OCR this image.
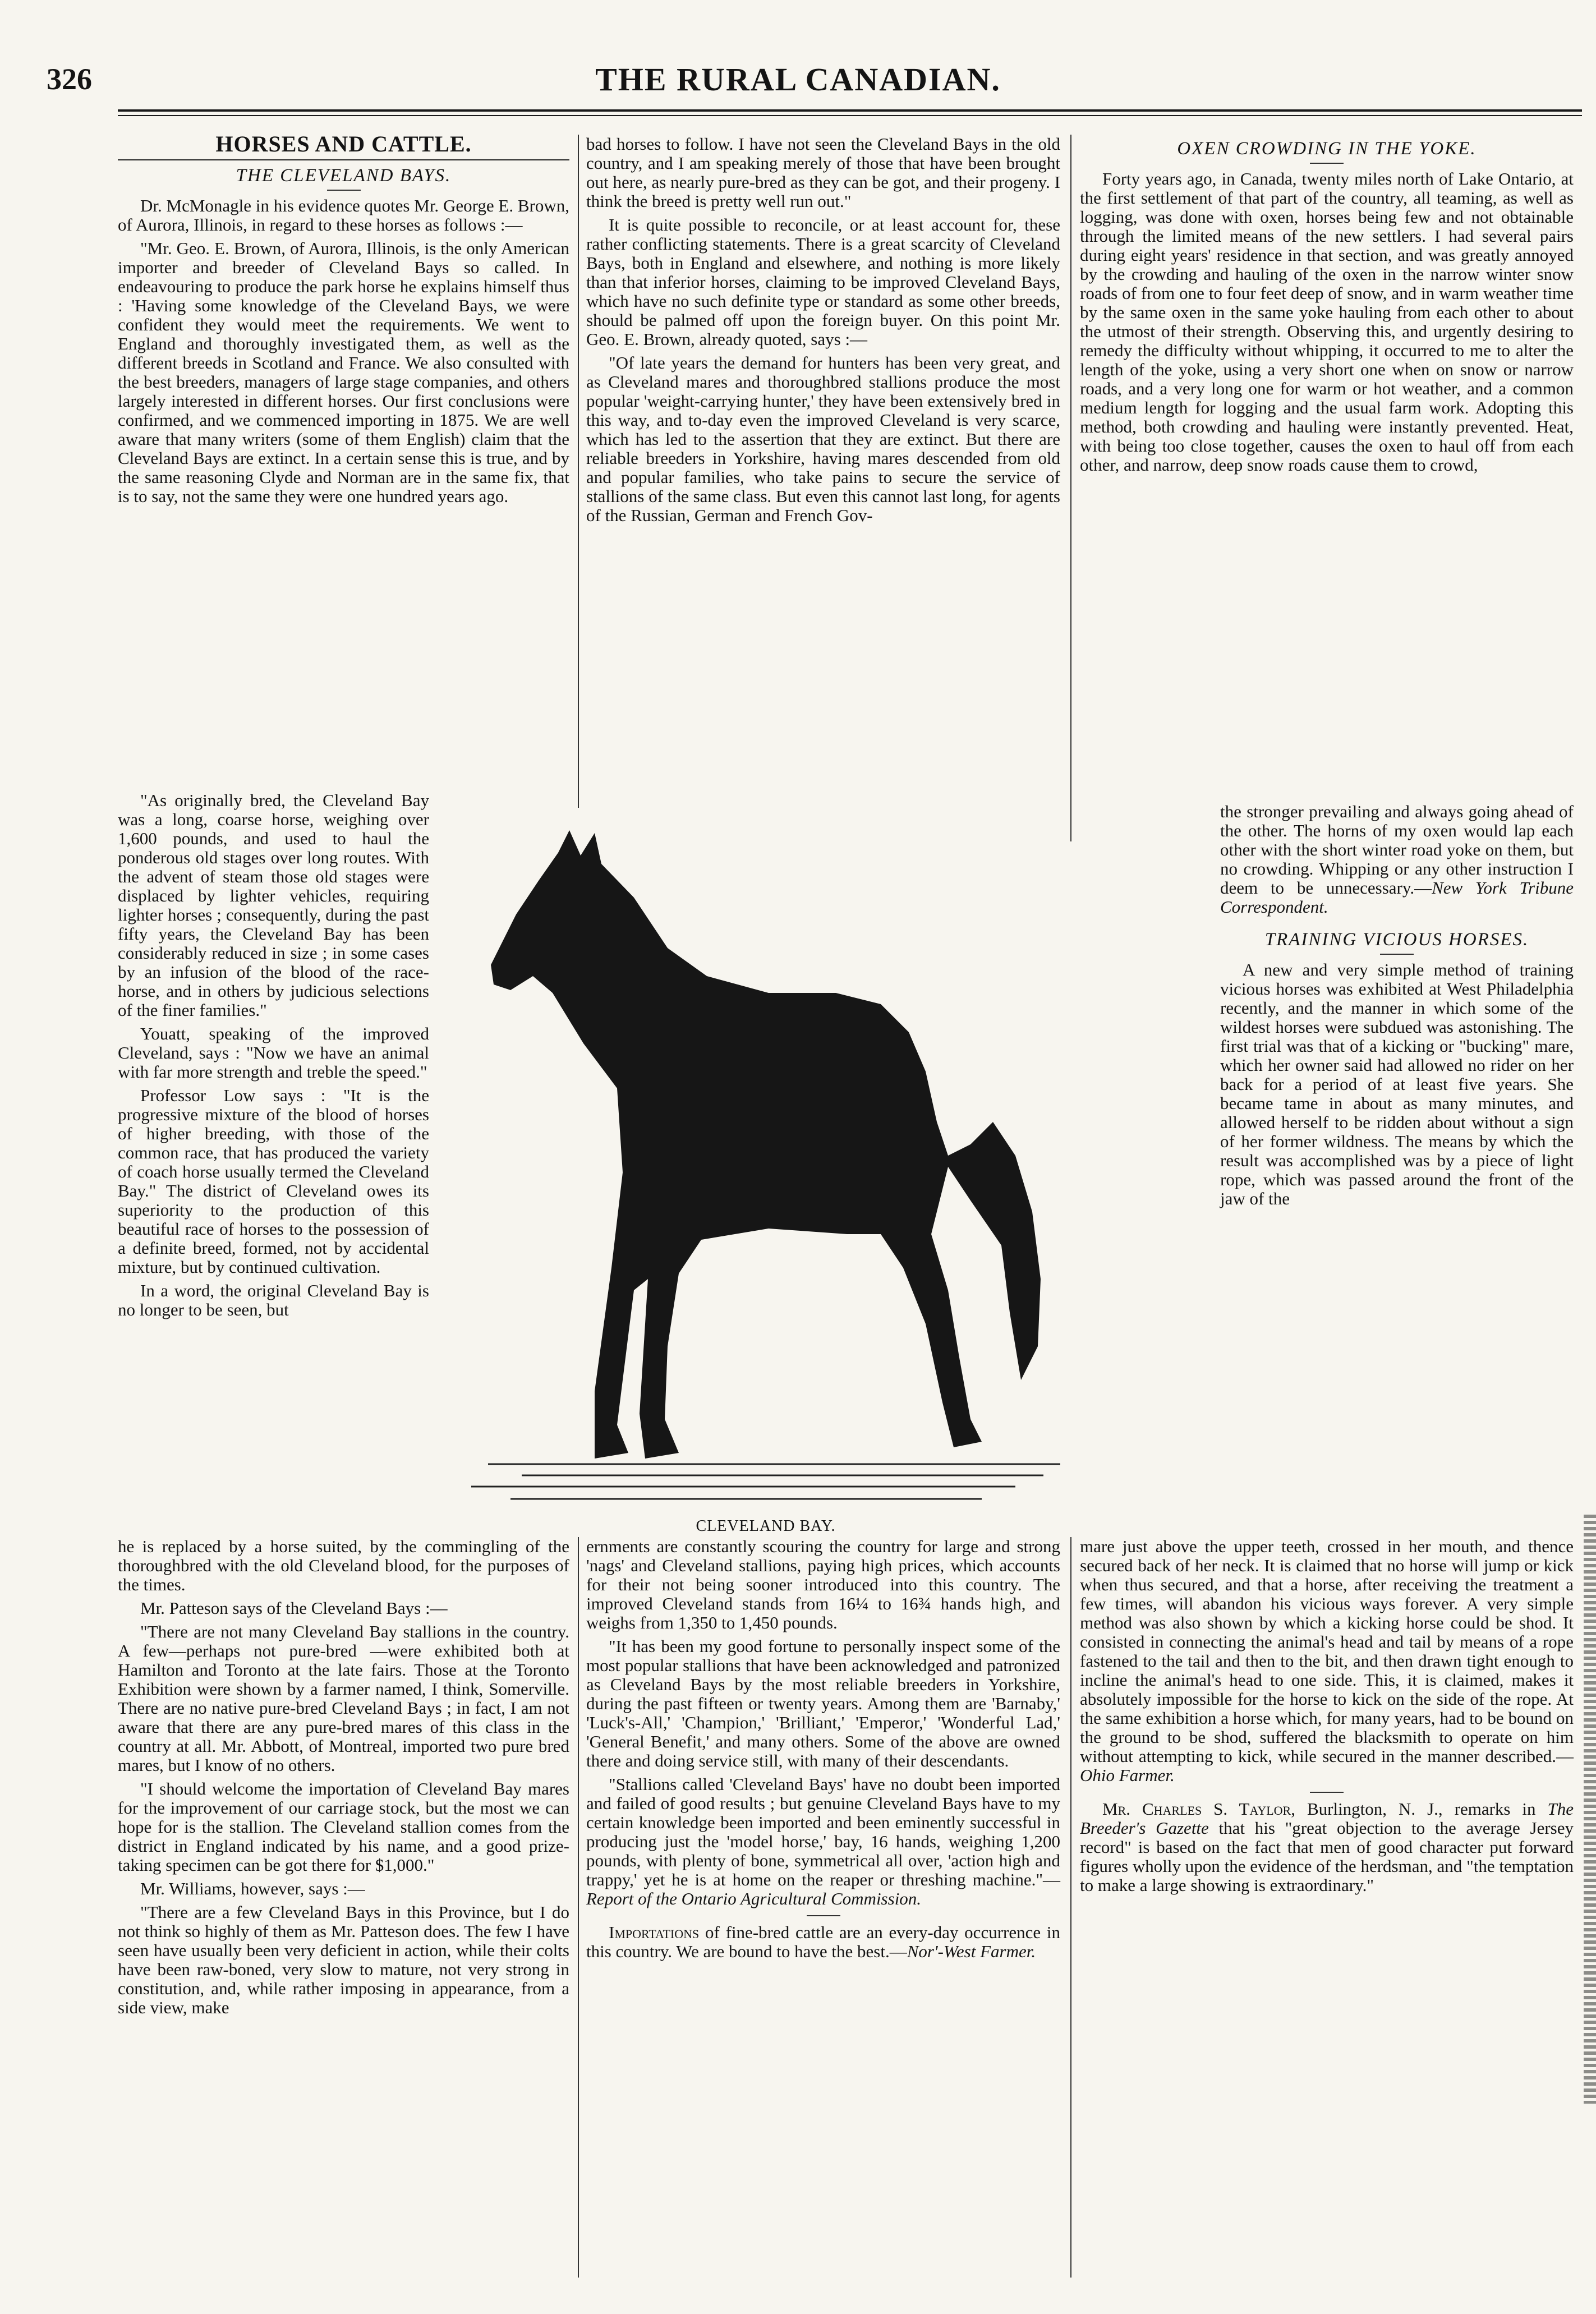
326	THE RURAL CANADIAN.
HORSES AND CATTLE.
THE CLEVELAND BAYS.

Dr. McMonagle in his evidence quotes Mr. George E. Brown, of Aurora, Illinois, in regard to these horses as follows :—

"Mr. Geo. E. Brown, of Aurora, Illinois, is the only American importer and breeder of Cleveland Bays so called. In endeavouring to produce the park horse he explains himself thus : 'Having some knowledge of the Cleveland Bays, we were confident they would meet the requirements. We went to England and thoroughly investigated them, as well as the different breeds in Scotland and France. We also consulted with the best breeders, managers of large stage companies, and others largely interested in different horses. Our first conclusions were confirmed, and we commenced importing in 1875. We are well aware that many writers (some of them English) claim that the Cleveland Bays are extinct. In a certain sense this is true, and by the same reasoning Clyde and Norman are in the same fix, that is to say, not the same they were one hundred years ago.

"As originally bred, the Cleveland Bay was a long, coarse horse, weighing over 1,600 pounds, and used to haul the ponderous old stages over long routes. With the advent of steam those old stages were displaced by lighter vehicles, requiring lighter horses ; consequently, during the past fifty years, the Cleveland Bay has been considerably reduced in size ; in some cases by an infusion of the blood of the race-horse, and in others by judicious selections of the finer families."

Youatt, speaking of the improved Cleveland, says : "Now we have an animal with far more strength and treble the speed."

Professor Low says : "It is the progressive mixture of the blood of horses of higher breeding, with those of the common race, that has produced the variety of coach horse usually termed the Cleveland Bay." The district of Cleveland owes its superiority to the production of this beautiful race of horses to the possession of a definite breed, formed, not by accidental mixture, but by continued cultivation.

In a word, the original Cleveland Bay is no longer to be seen, but

bad horses to follow. I have not seen the Cleveland Bays in the old country, and I am speaking merely of those that have been brought out here, as nearly pure-bred as they can be got, and their progeny. I think the breed is pretty well run out."

It is quite possible to reconcile, or at least account for, these rather conflicting statements. There is a great scarcity of Cleveland Bays, both in England and elsewhere, and nothing is more likely than that inferior horses, claiming to be improved Cleveland Bays, which have no such definite type or standard as some other breeds, should be palmed off upon the foreign buyer. On this point Mr. Geo. E. Brown, already quoted, says :—

"Of late years the demand for hunters has been very great, and as Cleveland mares and thoroughbred stallions produce the most popular 'weight-carrying hunter,' they have been extensively bred in this way, and to-day even the improved Cleveland is very scarce, which has led to the assertion that they are extinct. But there are reliable breeders in Yorkshire, having mares descended from old and popular families, who take pains to secure the service of stallions of the same class. But even this cannot last long, for agents of the Russian, German and French Gov-

OXEN CROWDING IN THE YOKE.

Forty years ago, in Canada, twenty miles north of Lake Ontario, at the first settlement of that part of the country, all teaming, as well as logging, was done with oxen, horses being few and not obtainable through the limited means of the new settlers. I had several pairs during eight years' residence in that section, and was greatly annoyed by the crowding and hauling of the oxen in the narrow winter snow roads of from one to four feet deep of snow, and in warm weather time by the same oxen in the same yoke hauling from each other to about the utmost of their strength. Observing this, and urgently desiring to remedy the difficulty without whipping, it occurred to me to alter the length of the yoke, using a very short one when on snow or narrow roads, and a very long one for warm or hot weather, and a common medium length for logging and the usual farm work. Adopting this method, both crowding and hauling were instantly prevented. Heat, with being too close together, causes the oxen to haul off from each other, and narrow, deep snow roads cause them to crowd,

the stronger prevailing and always going ahead of the other. The horns of my oxen would lap each other with the short winter road yoke on them, but no crowding. Whipping or any other instruction I deem to be unnecessary.—New York Tribune Correspondent.

TRAINING VICIOUS HORSES.

A new and very simple method of training vicious horses was exhibited at West Philadelphia recently, and the manner in which some of the wildest horses were subdued was astonishing. The first trial was that of a kicking or "bucking" mare, which her owner said had allowed no rider on her back for a period of at least five years. She became tame in about as many minutes, and allowed herself to be ridden about without a sign of her former wildness. The means by which the result was accomplished was by a piece of light rope, which was passed around the front of the jaw of the

CLEVELAND BAY.

he is replaced by a horse suited, by the commingling of the thoroughbred with the old Cleveland blood, for the purposes of the times.

Mr. Patteson says of the Cleveland Bays :—

"There are not many Cleveland Bay stallions in the country. A few—perhaps not pure-bred —were exhibited both at Hamilton and Toronto at the late fairs. Those at the Toronto Exhibition were shown by a farmer named, I think, Somerville. There are no native pure-bred Cleveland Bays ; in fact, I am not aware that there are any pure-bred mares of this class in the country at all. Mr. Abbott, of Montreal, imported two pure bred mares, but I know of no others.

"I should welcome the importation of Cleveland Bay mares for the improvement of our carriage stock, but the most we can hope for is the stallion. The Cleveland stallion comes from the district in England indicated by his name, and a good prize-taking specimen can be got there for $1,000."

Mr. Williams, however, says :—

"There are a few Cleveland Bays in this Province, but I do not think so highly of them as Mr. Patteson does. The few I have seen have usually been very deficient in action, while their colts have been raw-boned, very slow to mature, not very strong in constitution, and, while rather imposing in appearance, from a side view, make

ernments are constantly scouring the country for large and strong 'nags' and Cleveland stallions, paying high prices, which accounts for their not being sooner introduced into this country. The improved Cleveland stands from 16¼ to 16¾ hands high, and weighs from 1,350 to 1,450 pounds.

"It has been my good fortune to personally inspect some of the most popular stallions that have been acknowledged and patronized as Cleveland Bays by the most reliable breeders in Yorkshire, during the past fifteen or twenty years. Among them are 'Barnaby,' 'Luck's-All,' 'Champion,' 'Brilliant,' 'Emperor,' 'Wonderful Lad,' 'General Benefit,' and many others. Some of the above are owned there and doing service still, with many of their descendants.

"Stallions called 'Cleveland Bays' have no doubt been imported and failed of good results ; but genuine Cleveland Bays have to my certain knowledge been imported and been eminently successful in producing just the 'model horse,' bay, 16 hands, weighing 1,200 pounds, with plenty of bone, symmetrical all over, 'action high and trappy,' yet he is at home on the reaper or threshing machine."—Report of the Ontario Agricultural Commission.

Importations of fine-bred cattle are an every-day occurrence in this country. We are bound to have the best.—Nor'-West Farmer.

mare just above the upper teeth, crossed in her mouth, and thence secured back of her neck. It is claimed that no horse will jump or kick when thus secured, and that a horse, after receiving the treatment a few times, will abandon his vicious ways forever. A very simple method was also shown by which a kicking horse could be shod. It consisted in connecting the animal's head and tail by means of a rope fastened to the tail and then to the bit, and then drawn tight enough to incline the animal's head to one side. This, it is claimed, makes it absolutely impossible for the horse to kick on the side of the rope. At the same exhibition a horse which, for many years, had to be bound on the ground to be shod, suffered the blacksmith to operate on him without attempting to kick, while secured in the manner described.—Ohio Farmer.

Mr. Charles S. Taylor, Burlington, N. J., remarks in The Breeder's Gazette that his "great objection to the average Jersey record" is based on the fact that men of good character put forward figures wholly upon the evidence of the herdsman, and "the temptation to make a large showing is extraordinary."
